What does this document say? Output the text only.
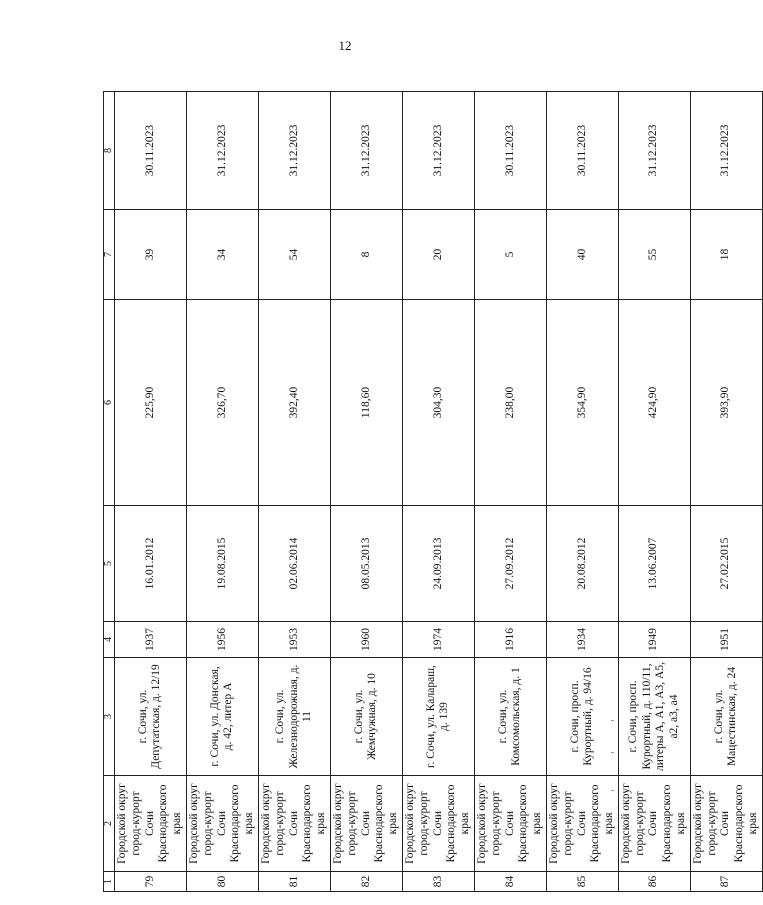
12
1	2	3	4	5	6	7	8
79	Городской округ город-курорт Сочи Краснодарского края	г. Сочи, ул. Депутатская, д. 12/19	1937	16.01.2012	225,90	39	30.11.2023
80	Городской округ город-курорт Сочи Краснодарского края	г. Сочи, ул. Донская, д. 42, литер А	1956	19.08.2015	326,70	34	31.12.2023
81	Городской округ город-курорт Сочи Краснодарского края	г. Сочи, ул. Железнодорожная, д. 11	1953	02.06.2014	392,40	54	31.12.2023
82	Городской округ город-курорт Сочи Краснодарского края	г. Сочи, ул. Жемчужная, д. 10	1960	08.05.2013	118,60	8	31.12.2023
83	Городской округ город-курорт Сочи Краснодарского края	г. Сочи, ул. Калараш, д. 139	1974	24.09.2013	304,30	20	31.12.2023
84	Городской округ город-курорт Сочи Краснодарского края	г. Сочи, ул. Комсомольская, д. 1	1916	27.09.2012	238,00	5	30.11.2023
85	Городской округ город-курорт Сочи Краснодарского края	г. Сочи, просп. Курортный, д. 94/16	1934	20.08.2012	354,90	40	30.11.2023
86	Городской округ город-курорт Сочи Краснодарского края	г. Сочи, просп. Курортный, д. 110/11, литеры А, А1, А3, А5, а2, а3, а4	1949	13.06.2007	424,90	55	31.12.2023
87	Городской округ город-курорт Сочи Краснодарского края	г. Сочи, ул. Мацестинская, д. 24	1951	27.02.2015	393,90	18	31.12.2023
